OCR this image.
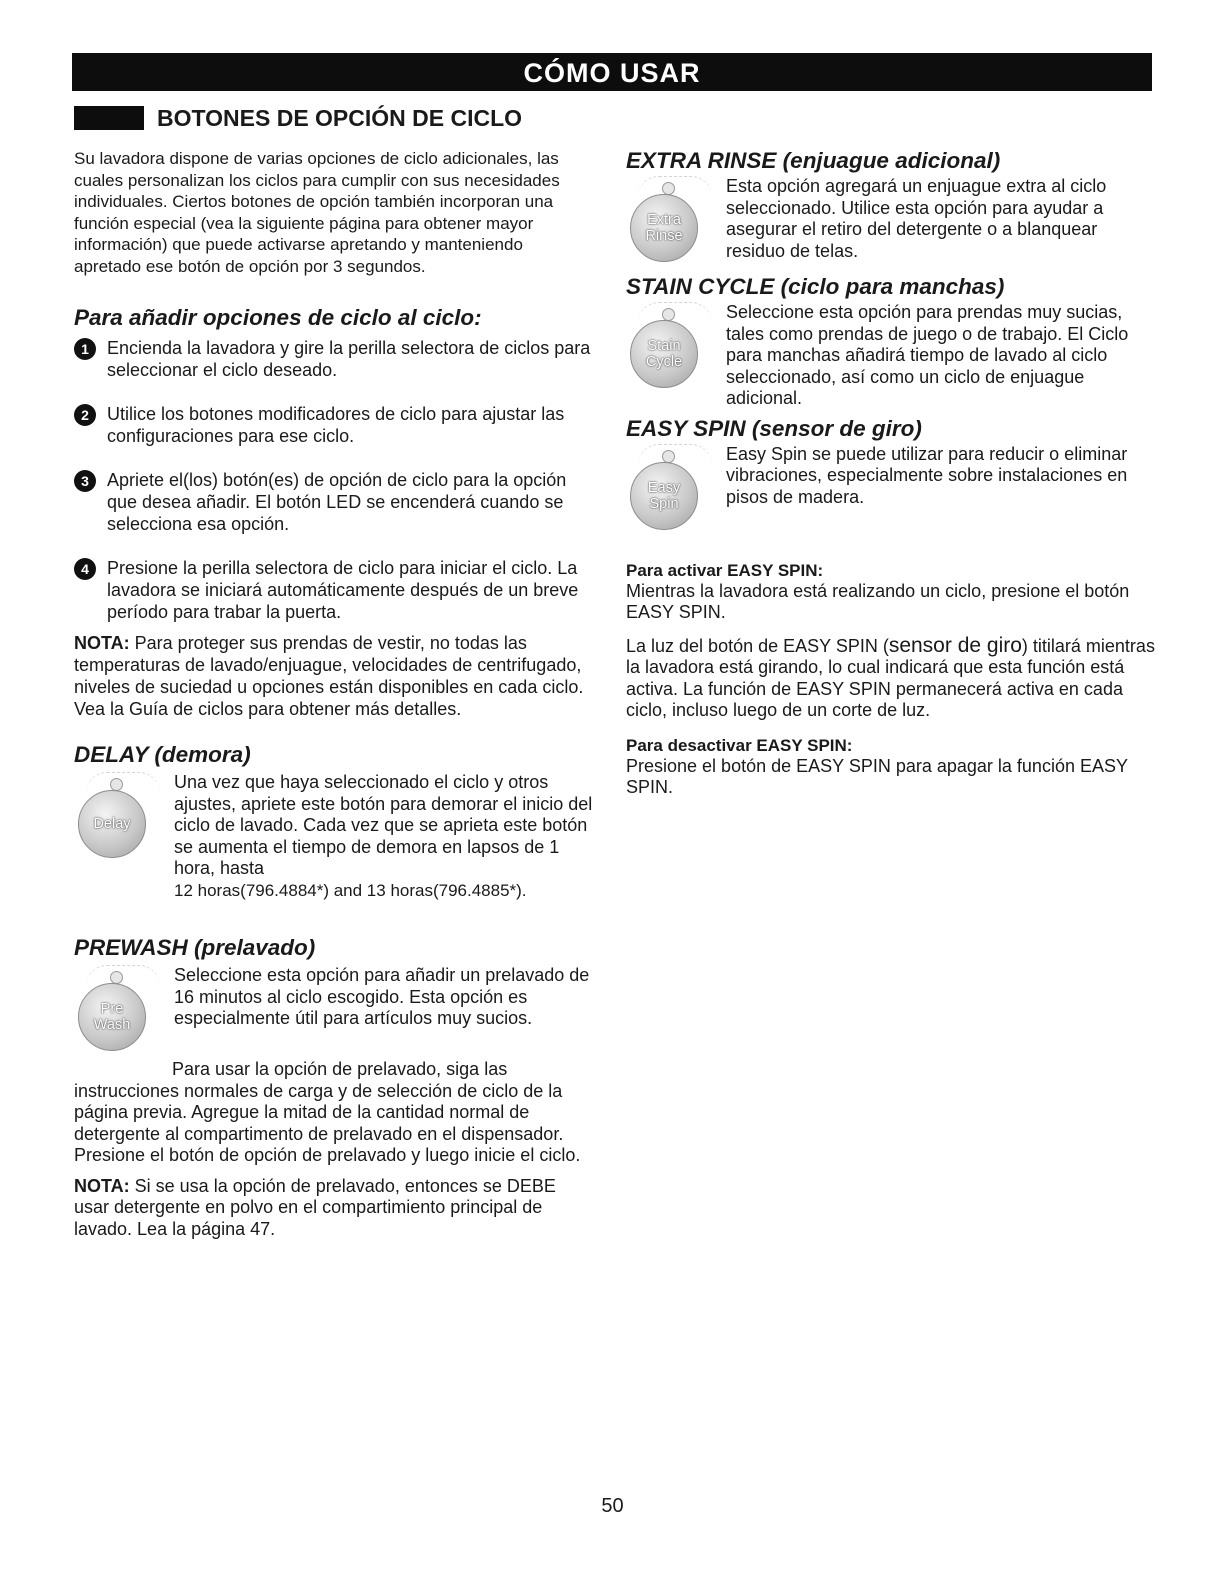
CÓMO USAR
BOTONES DE OPCIÓN DE CICLO

Su lavadora dispone de varias opciones de ciclo adicionales, las cuales personalizan los ciclos para cumplir con sus necesidades individuales. Ciertos botones de opción también incorporan una función especial (vea la siguiente página para obtener mayor información) que puede activarse apretando y manteniendo apretado ese botón de opción por 3 segundos.

Para añadir opciones de ciclo al ciclo:

1	Encienda la lavadora y gire la perilla selectora de ciclos para seleccionar el ciclo deseado.
2	Utilice los botones modificadores de ciclo para ajustar las configuraciones para ese ciclo.
3	Apriete el(los) botón(es) de opción de ciclo para la opción que desea añadir. El botón LED se encenderá cuando se selecciona esa opción.
4	Presione la perilla selectora de ciclo para iniciar el ciclo. La lavadora se iniciará automáticamente después de un breve período para trabar la puerta.

NOTA: Para proteger sus prendas de vestir, no todas las temperaturas de lavado/enjuague, velocidades de centrifugado, niveles de suciedad u opciones están disponibles en cada ciclo. Vea la Guía de ciclos para obtener más detalles.

DELAY (demora)

Delay
Una vez que haya seleccionado el ciclo y otros ajustes, apriete este botón para demorar el inicio del ciclo de lavado. Cada vez que se aprieta este botón se aumenta el tiempo de demora en lapsos de 1 hora, hasta
12 horas(796.4884*) and 13 horas(796.4885*).

PREWASH (prelavado)

Pre
Wash
Seleccione esta opción para añadir un prelavado de 16 minutos al ciclo escogido. Esta opción es especialmente útil para artículos muy sucios.

Para usar la opción de prelavado, siga las instrucciones normales de carga y de selección de ciclo de la página previa. Agregue la mitad de la cantidad normal de detergente al compartimento de prelavado en el dispensador. Presione el botón de opción de prelavado y luego inicie el ciclo.

NOTA: Si se usa la opción de prelavado, entonces se DEBE usar detergente en polvo en el compartimiento principal de lavado. Lea la página 47.

EXTRA RINSE (enjuague adicional)

Extra
Rinse
Esta opción agregará un enjuague extra al ciclo seleccionado. Utilice esta opción para ayudar a asegurar el retiro del detergente o a blanquear residuo de telas.

STAIN CYCLE (ciclo para manchas)

Stain
Cycle
Seleccione esta opción para prendas muy sucias, tales como prendas de juego o de trabajo. El Ciclo para manchas añadirá tiempo de lavado al ciclo seleccionado, así como un ciclo de enjuague adicional.

EASY SPIN (sensor de giro)

Easy
Spin
Easy Spin se puede utilizar para reducir o eliminar vibraciones, especialmente sobre instalaciones en pisos de madera.

Para activar EASY SPIN:

Mientras la lavadora está realizando un ciclo, presione el botón EASY SPIN.

La luz del botón de EASY SPIN (sensor de giro) titilará mientras la lavadora está girando, lo cual indicará que esta función está activa. La función de EASY SPIN permanecerá activa en cada ciclo, incluso luego de un corte de luz.

Para desactivar EASY SPIN:

Presione el botón de EASY SPIN para apagar la función EASY SPIN.

50
